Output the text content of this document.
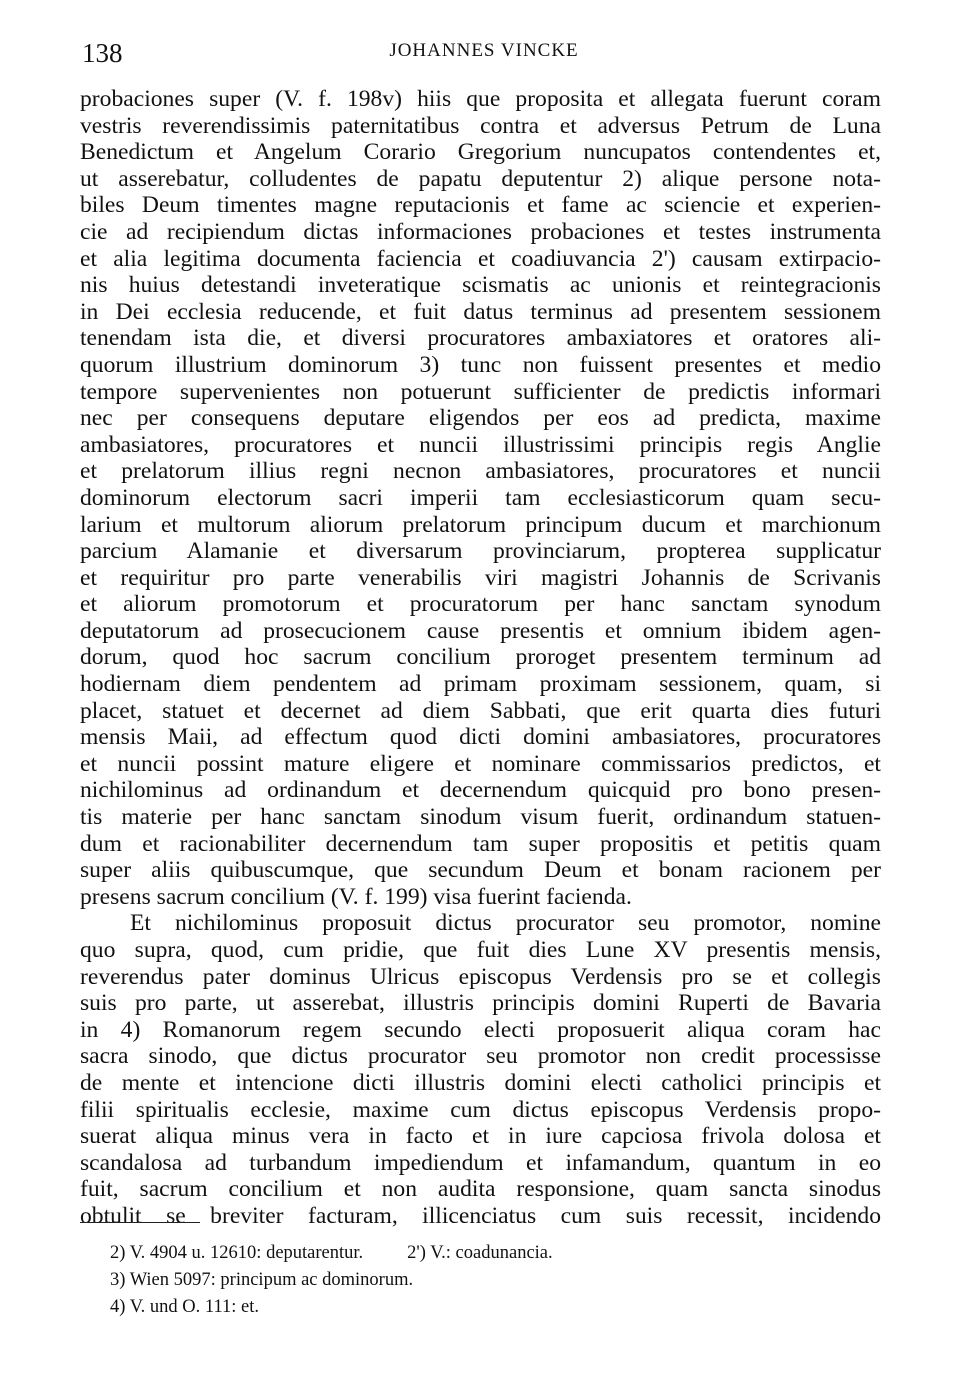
138	JOHANNES VINCKE
probaciones super (V. f. 198v) hiis que proposita et allegata fuerunt coram
vestris reverendissimis paternitatibus contra et adversus Petrum de Luna
Benedictum et Angelum Corario Gregorium nuncupatos contendentes et,
ut asserebatur, colludentes de papatu deputentur 2) alique persone nota-
biles Deum timentes magne reputacionis et fame ac sciencie et experien-
cie ad recipiendum dictas informaciones probaciones et testes instrumenta
et alia legitima documenta faciencia et coadiuvancia 2') causam extirpacio-
nis huius detestandi inveteratique scismatis ac unionis et reintegracionis
in Dei ecclesia reducende, et fuit datus terminus ad presentem sessionem
tenendam ista die, et diversi procuratores ambaxiatores et oratores ali-
quorum illustrium dominorum 3) tunc non fuissent presentes et medio
tempore supervenientes non potuerunt sufficienter de predictis informari
nec per consequens deputare eligendos per eos ad predicta, maxime
ambasiatores, procuratores et nuncii illustrissimi principis regis Anglie
et prelatorum illius regni necnon ambasiatores, procuratores et nuncii
dominorum electorum sacri imperii tam ecclesiasticorum quam secu-
larium et multorum aliorum prelatorum principum ducum et marchionum
parcium Alamanie et diversarum provinciarum, propterea supplicatur
et requiritur pro parte venerabilis viri magistri Johannis de Scrivanis
et aliorum promotorum et procuratorum per hanc sanctam synodum
deputatorum ad prosecucionem cause presentis et omnium ibidem agen-
dorum, quod hoc sacrum concilium proroget presentem terminum ad
hodiernam diem pendentem ad primam proximam sessionem, quam, si
placet, statuet et decernet ad diem Sabbati, que erit quarta dies futuri
mensis Maii, ad effectum quod dicti domini ambasiatores, procuratores
et nuncii possint mature eligere et nominare commissarios predictos, et
nichilominus ad ordinandum et decernendum quicquid pro bono presen-
tis materie per hanc sanctam sinodum visum fuerit, ordinandum statuen-
dum et racionabiliter decernendum tam super propositis et petitis quam
super aliis quibuscumque, que secundum Deum et bonam racionem per
presens sacrum concilium (V. f. 199) visa fuerint facienda.
Et nichilominus proposuit dictus procurator seu promotor, nomine
quo supra, quod, cum pridie, que fuit dies Lune XV presentis mensis,
reverendus pater dominus Ulricus episcopus Verdensis pro se et collegis
suis pro parte, ut asserebat, illustris principis domini Ruperti de Bavaria
in 4) Romanorum regem secundo electi proposuerit aliqua coram hac
sacra sinodo, que dictus procurator seu promotor non credit processisse
de mente et intencione dicti illustris domini electi catholici principis et
filii spiritualis ecclesie, maxime cum dictus episcopus Verdensis propo-
suerat aliqua minus vera in facto et in iure capciosa frivola dolosa et
scandalosa ad turbandum impediendum et infamandum, quantum in eo
fuit, sacrum concilium et non audita responsione, quam sancta sinodus
obtulit se breviter facturam, illicenciatus cum suis recessit, incidendo
2) V. 4904 u. 12610: deputarentur. 2') V.: coadunancia.
3) Wien 5097: principum ac dominorum.
4) V. und O. 111: et.
